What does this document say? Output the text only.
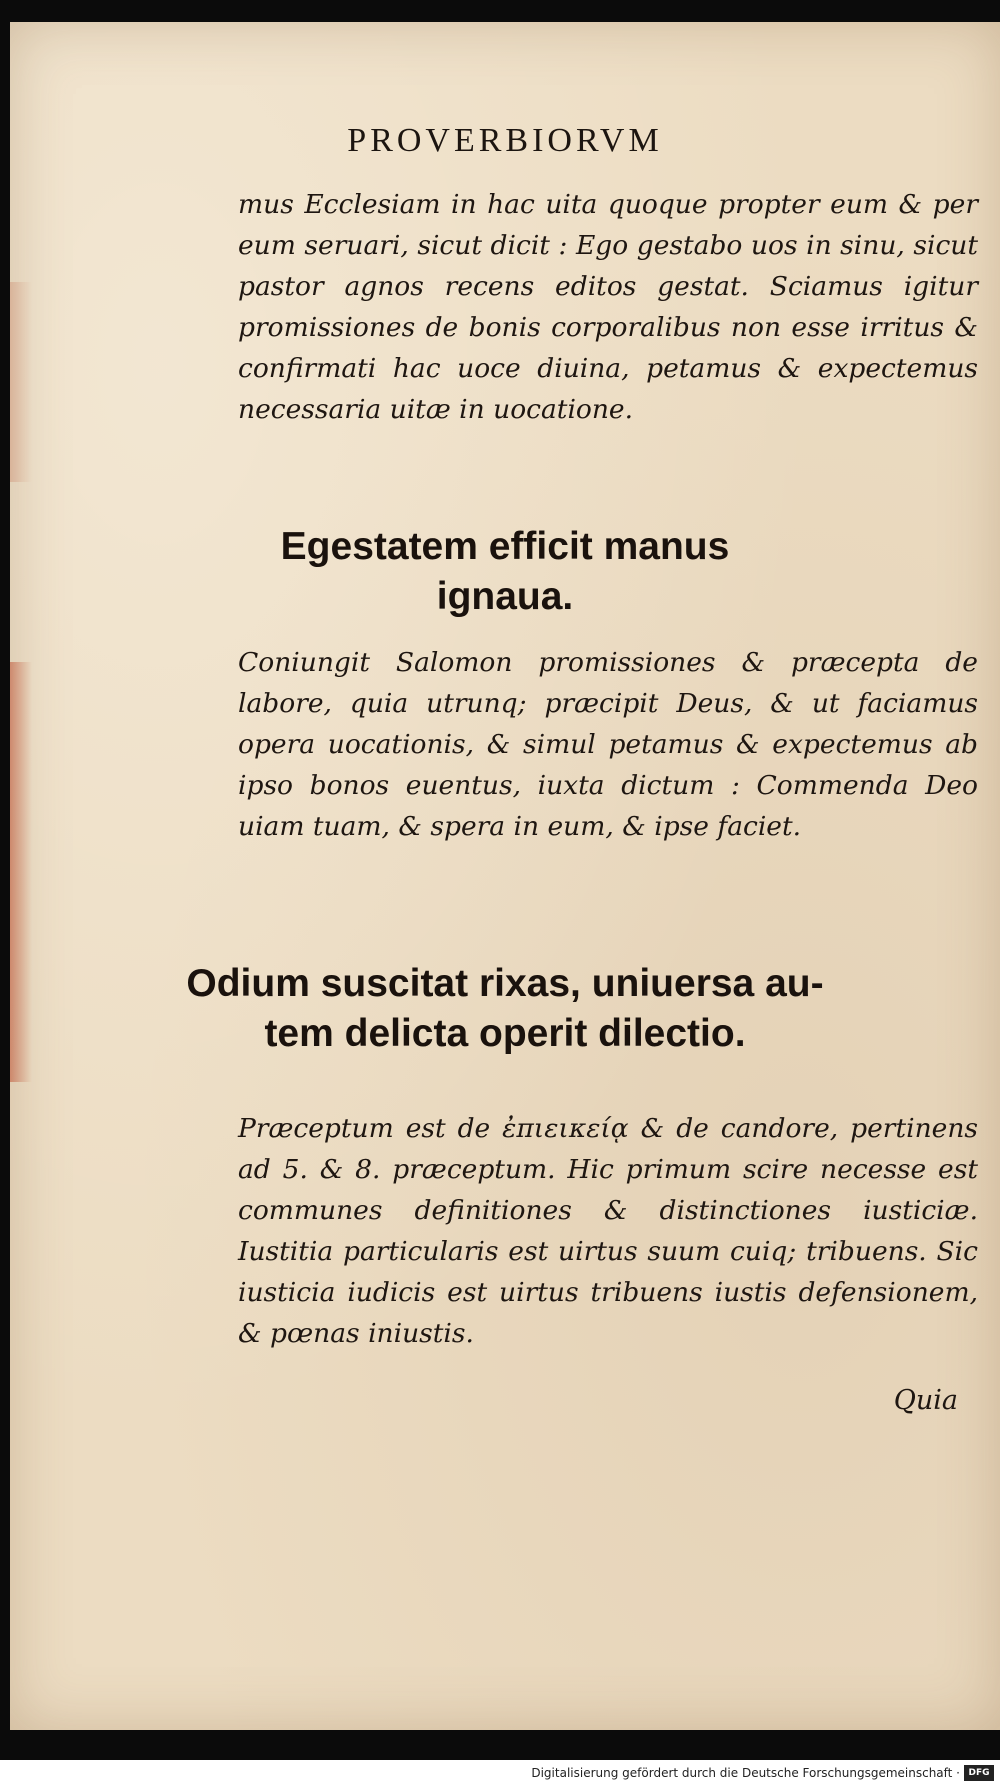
PROVERBIORVM

mus Ecclesiam in hac uita quoque propter eum & per eum seruari, sicut dicit : Ego gestabo uos in sinu, sicut pastor agnos recens editos gestat. Sciamus igitur promissiones de bonis corporalibus non esse irritus & confirmati hac uoce diuina, petamus & expectemus necessaria uitæ in uocatione.

Egestatem efficit manus
ignaua.

Coniungit Salomon promissiones & præcepta de labore, quia utrunq; præcipit Deus, & ut faciamus opera uocationis, & simul petamus & expectemus ab ipso bonos euentus, iuxta dictum : Commenda Deo uiam tuam, & spera in eum, & ipse faciet.

Odium suscitat rixas, uniuersa au-
tem delicta operit dilectio.

Præceptum est de ἐπιεικείᾳ & de candore, pertinens ad 5. & 8. præceptum. Hic primum scire necesse est communes definitiones & distinctiones iusticiæ. Iustitia particularis est uirtus suum cuiq; tribuens. Sic iusticia iudicis est uirtus tribuens iustis defensionem, & pœnas iniustis.

Quia

Digitalisierung gefördert durch die Deutsche Forschungsgemeinschaft · DFG
